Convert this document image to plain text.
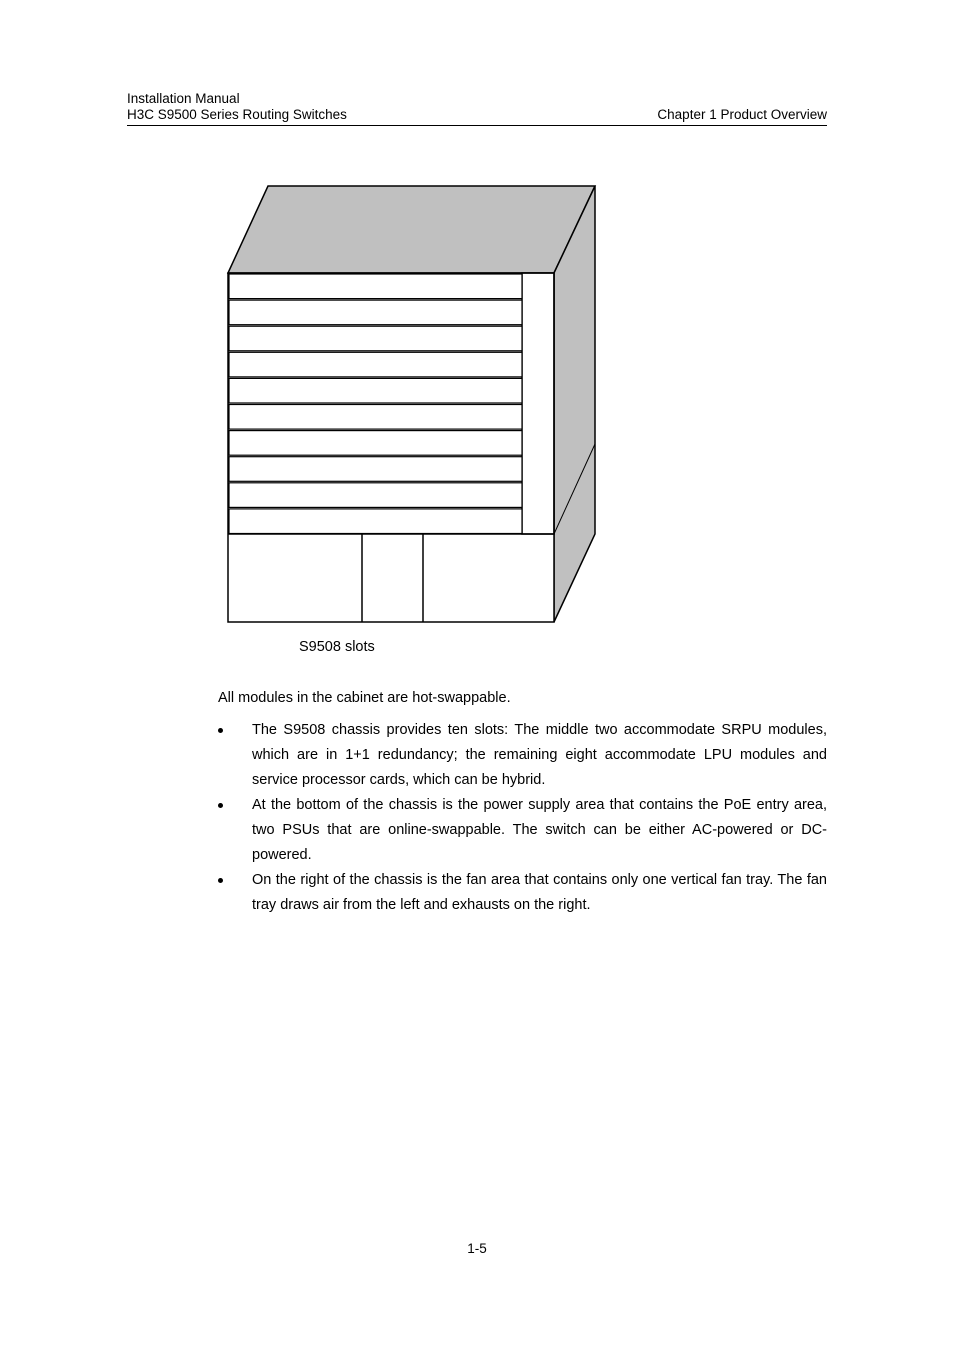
Installation Manual
H3C S9500 Series Routing Switches	Chapter 1 Product Overview
S9508 slots
All modules in the cabinet are hot-swappable.
The S9508 chassis provides ten slots: The middle two accommodate SRPU modules, which are in 1+1 redundancy; the remaining eight accommodate LPU modules and service processor cards, which can be hybrid.
At the bottom of the chassis is the power supply area that contains the PoE entry area, two PSUs that are online-swappable. The switch can be either AC-powered or DC-powered.
On the right of the chassis is the fan area that contains only one vertical fan tray. The fan tray draws air from the left and exhausts on the right.
1-5
